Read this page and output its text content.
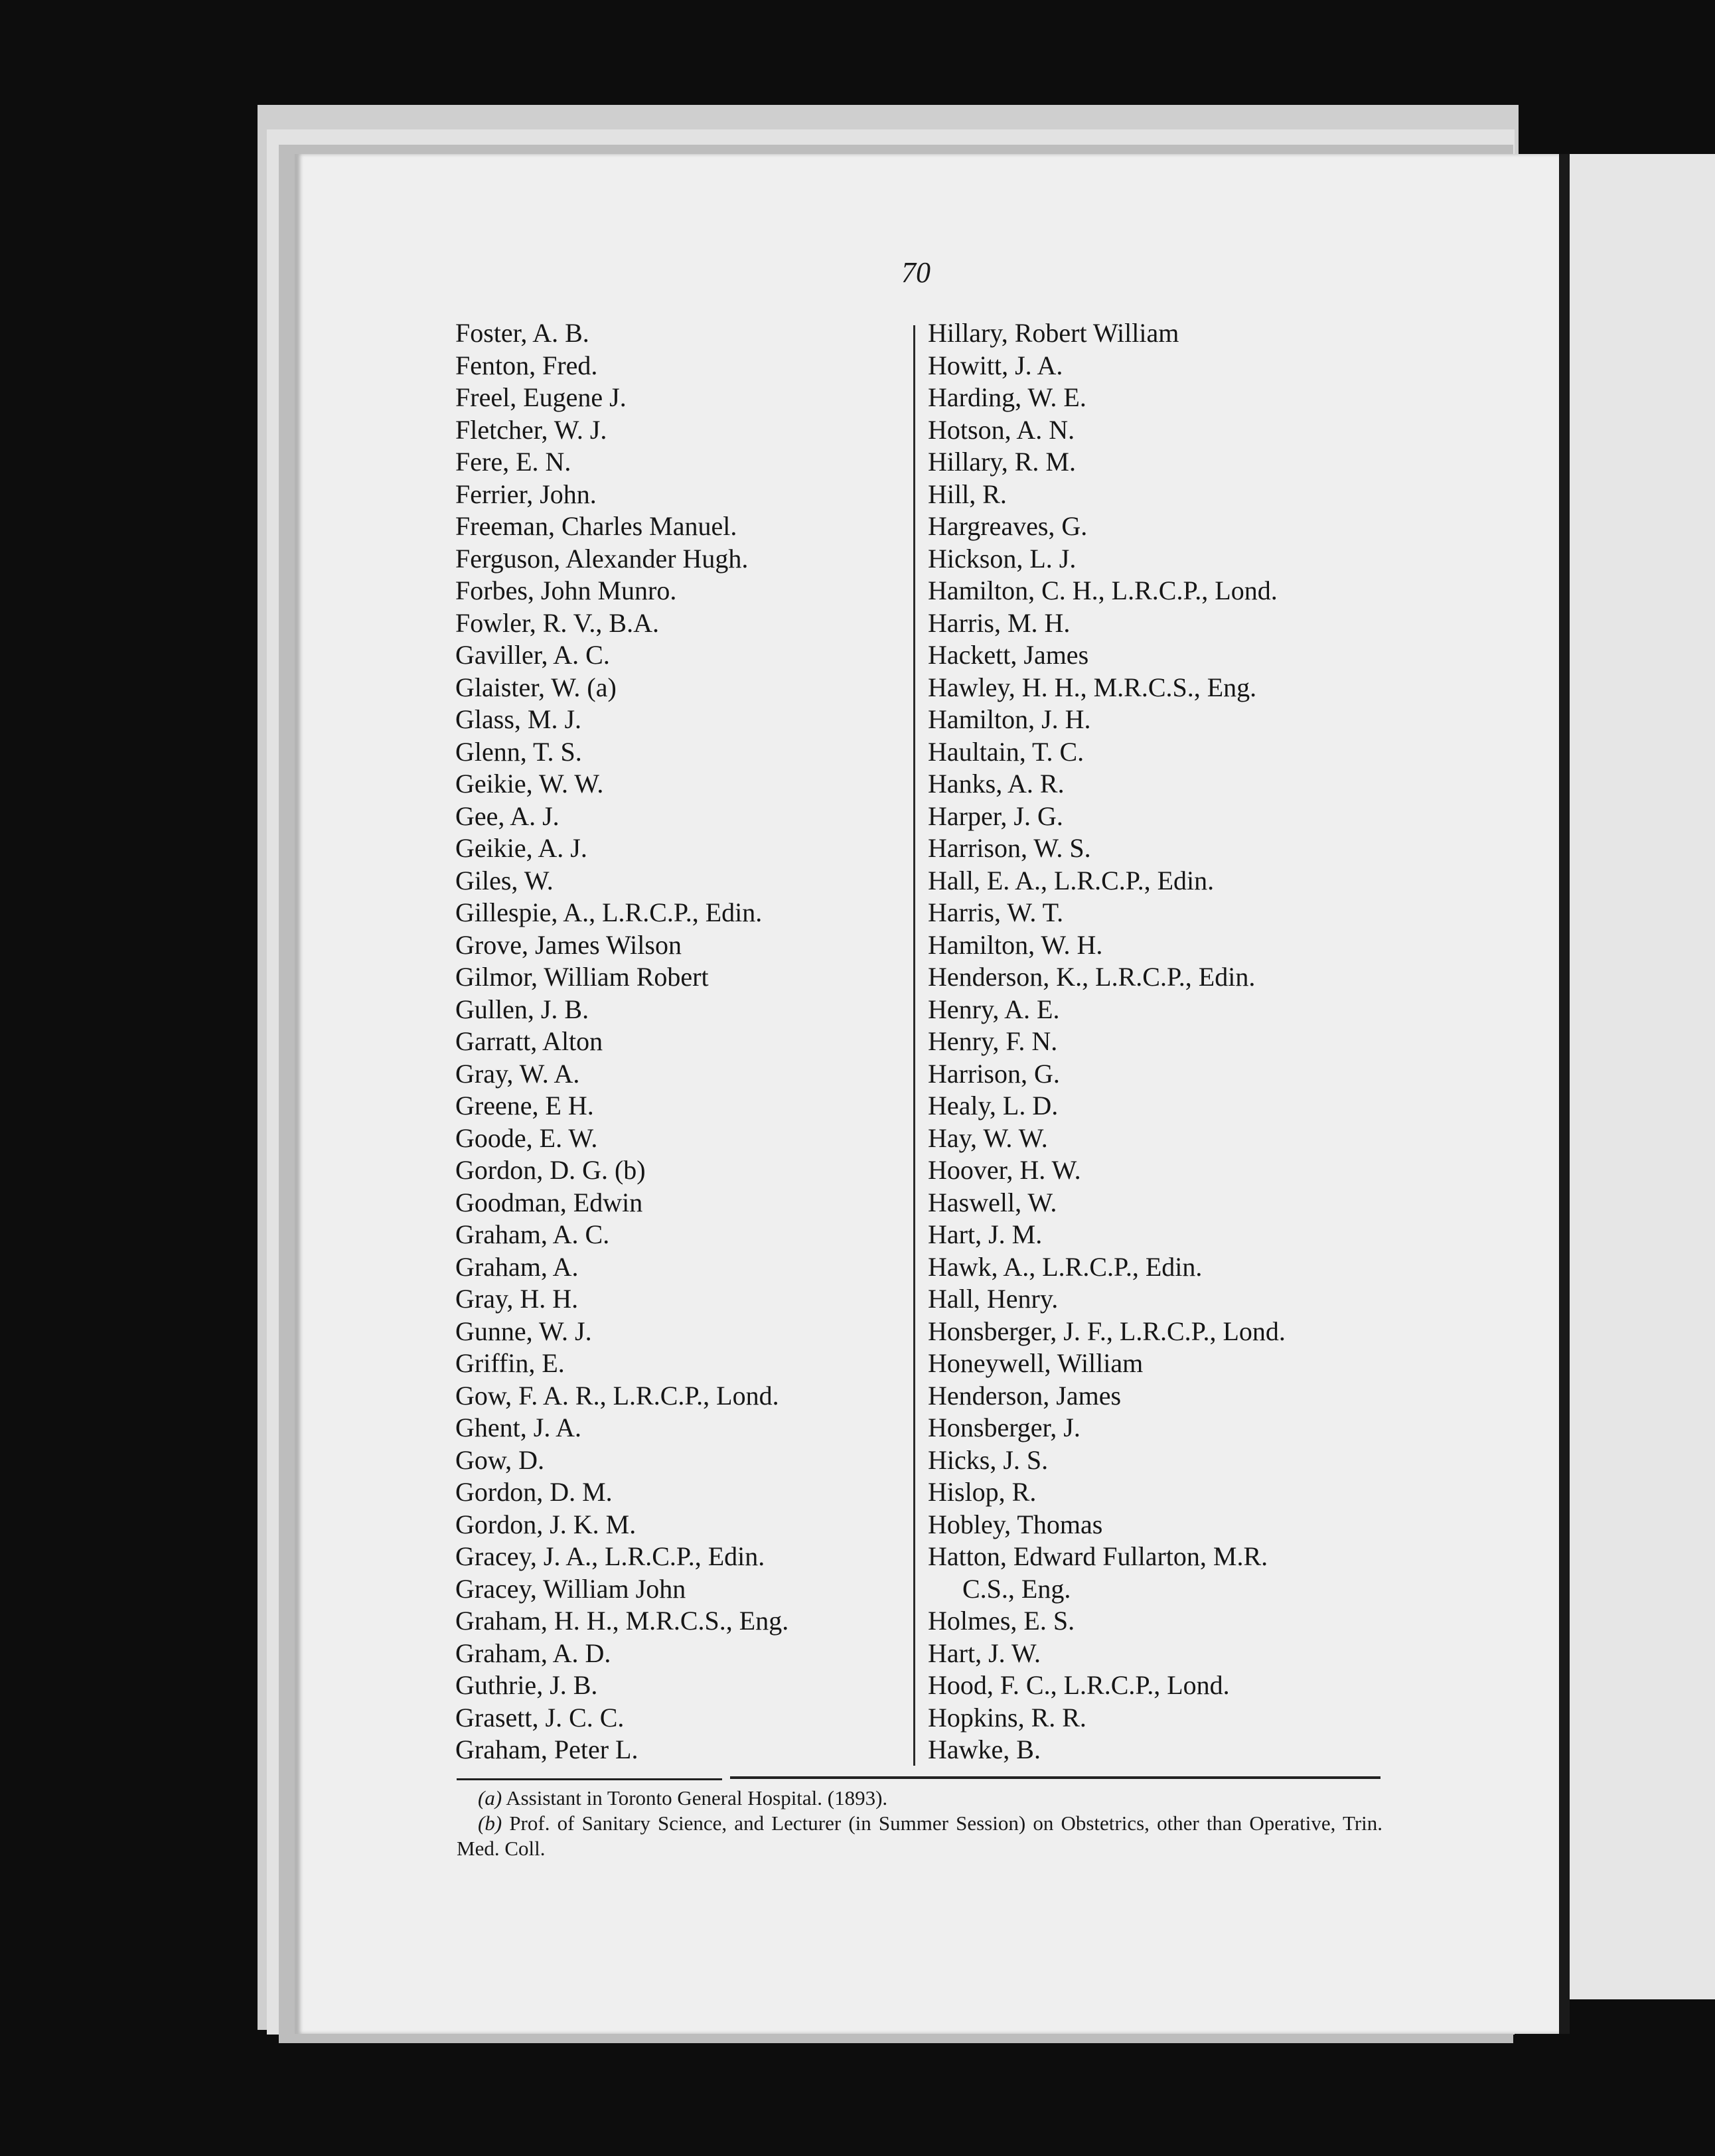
70
Foster, A. B.
Fenton, Fred.
Freel, Eugene J.
Fletcher, W. J.
Fere, E. N.
Ferrier, John.
Freeman, Charles Manuel.
Ferguson, Alexander Hugh.
Forbes, John Munro.
Fowler, R. V., B.A.
Gaviller, A. C.
Glaister, W. (a)
Glass, M. J.
Glenn, T. S.
Geikie, W. W.
Gee, A. J.
Geikie, A. J.
Giles, W.
Gillespie, A., L.R.C.P., Edin.
Grove, James Wilson
Gilmor, William Robert
Gullen, J. B.
Garratt, Alton
Gray, W. A.
Greene, E H.
Goode, E. W.
Gordon, D. G. (b)
Goodman, Edwin
Graham, A. C.
Graham, A.
Gray, H. H.
Gunne, W. J.
Griffin, E.
Gow, F. A. R., L.R.C.P., Lond.
Ghent, J. A.
Gow, D.
Gordon, D. M.
Gordon, J. K. M.
Gracey, J. A., L.R.C.P., Edin.
Gracey, William John
Graham, H. H., M.R.C.S., Eng.
Graham, A. D.
Guthrie, J. B.
Grasett, J. C. C.
Graham, Peter L.
Hillary, Robert William
Howitt, J. A.
Harding, W. E.
Hotson, A. N.
Hillary, R. M.
Hill, R.
Hargreaves, G.
Hickson, L. J.
Hamilton, C. H., L.R.C.P., Lond.
Harris, M. H.
Hackett, James
Hawley, H. H., M.R.C.S., Eng.
Hamilton, J. H.
Haultain, T. C.
Hanks, A. R.
Harper, J. G.
Harrison, W. S.
Hall, E. A., L.R.C.P., Edin.
Harris, W. T.
Hamilton, W. H.
Henderson, K., L.R.C.P., Edin.
Henry, A. E.
Henry, F. N.
Harrison, G.
Healy, L. D.
Hay, W. W.
Hoover, H. W.
Haswell, W.
Hart, J. M.
Hawk, A., L.R.C.P., Edin.
Hall, Henry.
Honsberger, J. F., L.R.C.P., Lond.
Honeywell, William
Henderson, James
Honsberger, J.
Hicks, J. S.
Hislop, R.
Hobley, Thomas
Hatton, Edward Fullarton, M.R.
C.S., Eng.
Holmes, E. S.
Hart, J. W.
Hood, F. C., L.R.C.P., Lond.
Hopkins, R. R.
Hawke, B.

(a) Assistant in Toronto General Hospital. (1893).

(b) Prof. of Sanitary Science, and Lecturer (in Summer Session) on Obstetrics, other than Operative, Trin. Med. Coll.
